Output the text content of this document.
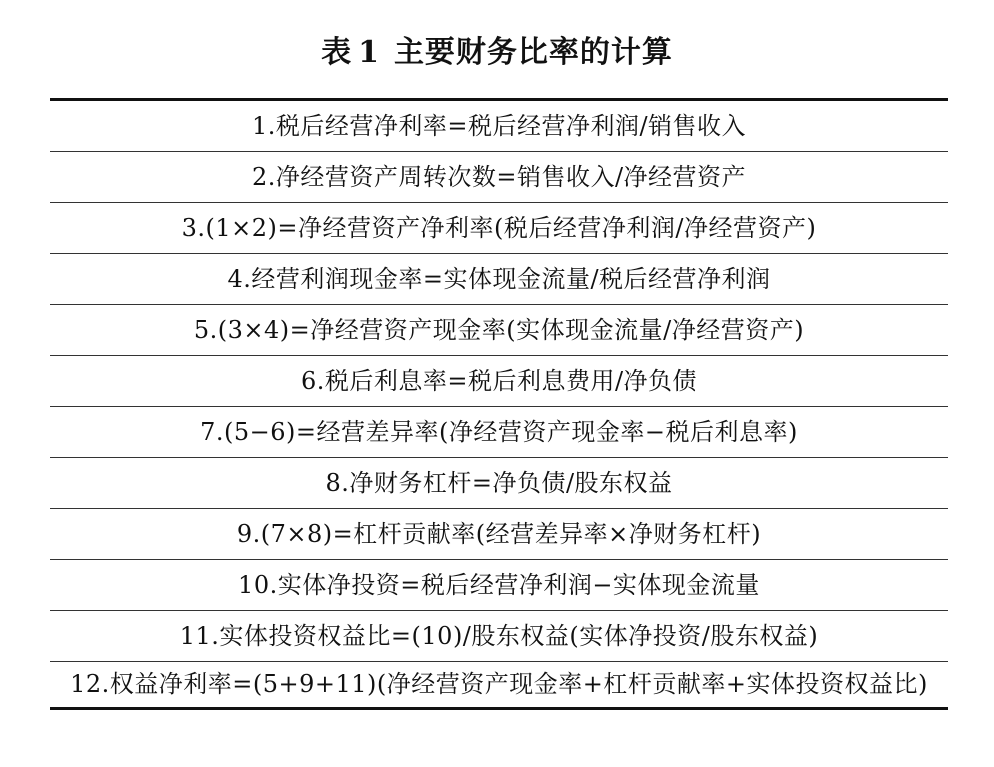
表 1 主要财务比率的计算
1.税后经营净利率=税后经营净利润/销售收入
2.净经营资产周转次数=销售收入/净经营资产
3.(1×2)=净经营资产净利率(税后经营净利润/净经营资产)
4.经营利润现金率=实体现金流量/税后经营净利润
5.(3×4)=净经营资产现金率(实体现金流量/净经营资产)
6.税后利息率=税后利息费用/净负债
7.(5−6)=经营差异率(净经营资产现金率−税后利息率)
8.净财务杠杆=净负债/股东权益
9.(7×8)=杠杆贡献率(经营差异率×净财务杠杆)
10.实体净投资=税后经营净利润−实体现金流量
11.实体投资权益比=(10)/股东权益(实体净投资/股东权益)
12.权益净利率=(5+9+11)(净经营资产现金率+杠杆贡献率+实体投资权益比)
